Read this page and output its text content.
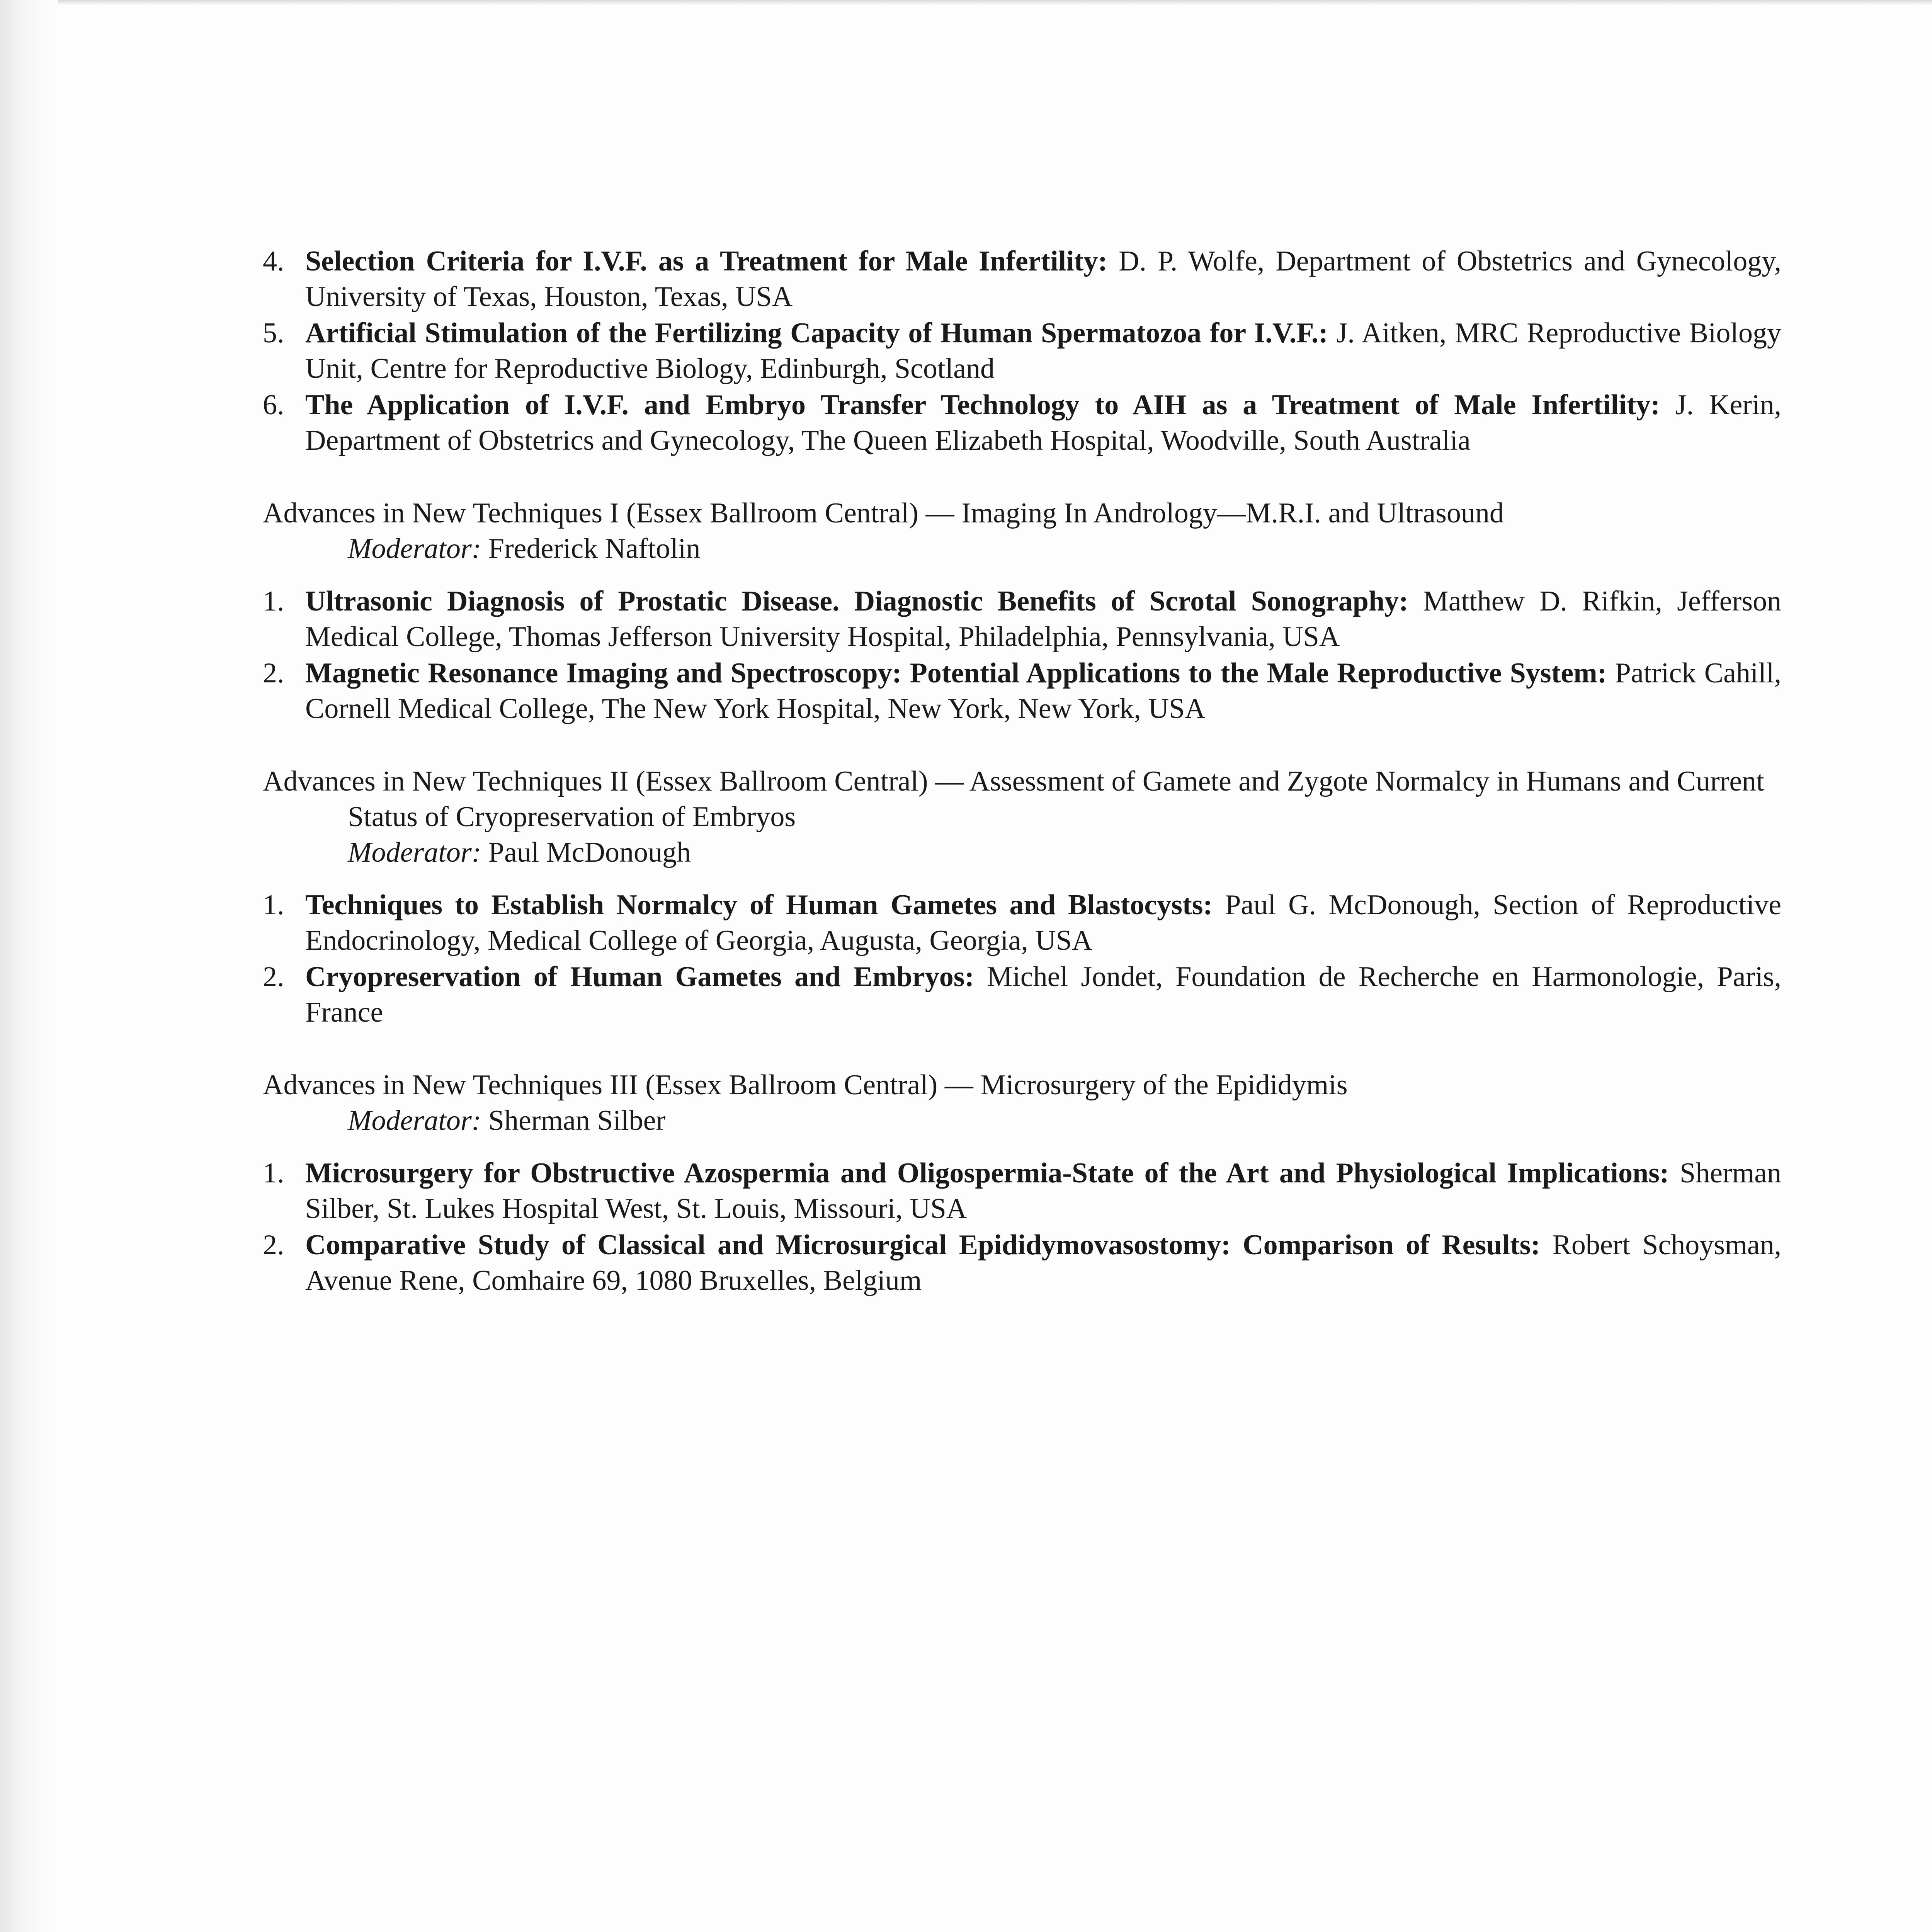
4. Selection Criteria for I.V.F. as a Treatment for Male Infertility: D. P. Wolfe, Department of Obstetrics and Gynecology, University of Texas, Houston, Texas, USA

5. Artificial Stimulation of the Fertilizing Capacity of Human Spermatozoa for I.V.F.: J. Aitken, MRC Reproductive Biology Unit, Centre for Reproductive Biology, Edinburgh, Scotland

6. The Application of I.V.F. and Embryo Transfer Technology to AIH as a Treatment of Male Infertility: J. Kerin, Department of Obstetrics and Gynecology, The Queen Elizabeth Hospital, Woodville, South Australia

Advances in New Techniques I (Essex Ballroom Central) — Imaging In Andrology—M.R.I. and Ultrasound
Moderator: Frederick Naftolin

1. Ultrasonic Diagnosis of Prostatic Disease. Diagnostic Benefits of Scrotal Sonography: Matthew D. Rifkin, Jefferson Medical College, Thomas Jefferson University Hospital, Philadelphia, Pennsylvania, USA

2. Magnetic Resonance Imaging and Spectroscopy: Potential Applications to the Male Reproductive System: Patrick Cahill, Cornell Medical College, The New York Hospital, New York, New York, USA

Advances in New Techniques II (Essex Ballroom Central) — Assessment of Gamete and Zygote Normalcy in Humans and Current Status of Cryopreservation of Embryos
Moderator: Paul McDonough

1. Techniques to Establish Normalcy of Human Gametes and Blastocysts: Paul G. McDonough, Section of Reproductive Endocrinology, Medical College of Georgia, Augusta, Georgia, USA

2. Cryopreservation of Human Gametes and Embryos: Michel Jondet, Foundation de Recherche en Harmonologie, Paris, France

Advances in New Techniques III (Essex Ballroom Central) — Microsurgery of the Epididymis
Moderator: Sherman Silber

1. Microsurgery for Obstructive Azospermia and Oligospermia-State of the Art and Physiological Implications: Sherman Silber, St. Lukes Hospital West, St. Louis, Missouri, USA

2. Comparative Study of Classical and Microsurgical Epididymovasostomy: Comparison of Results: Robert Schoysman, Avenue Rene, Comhaire 69, 1080 Bruxelles, Belgium
